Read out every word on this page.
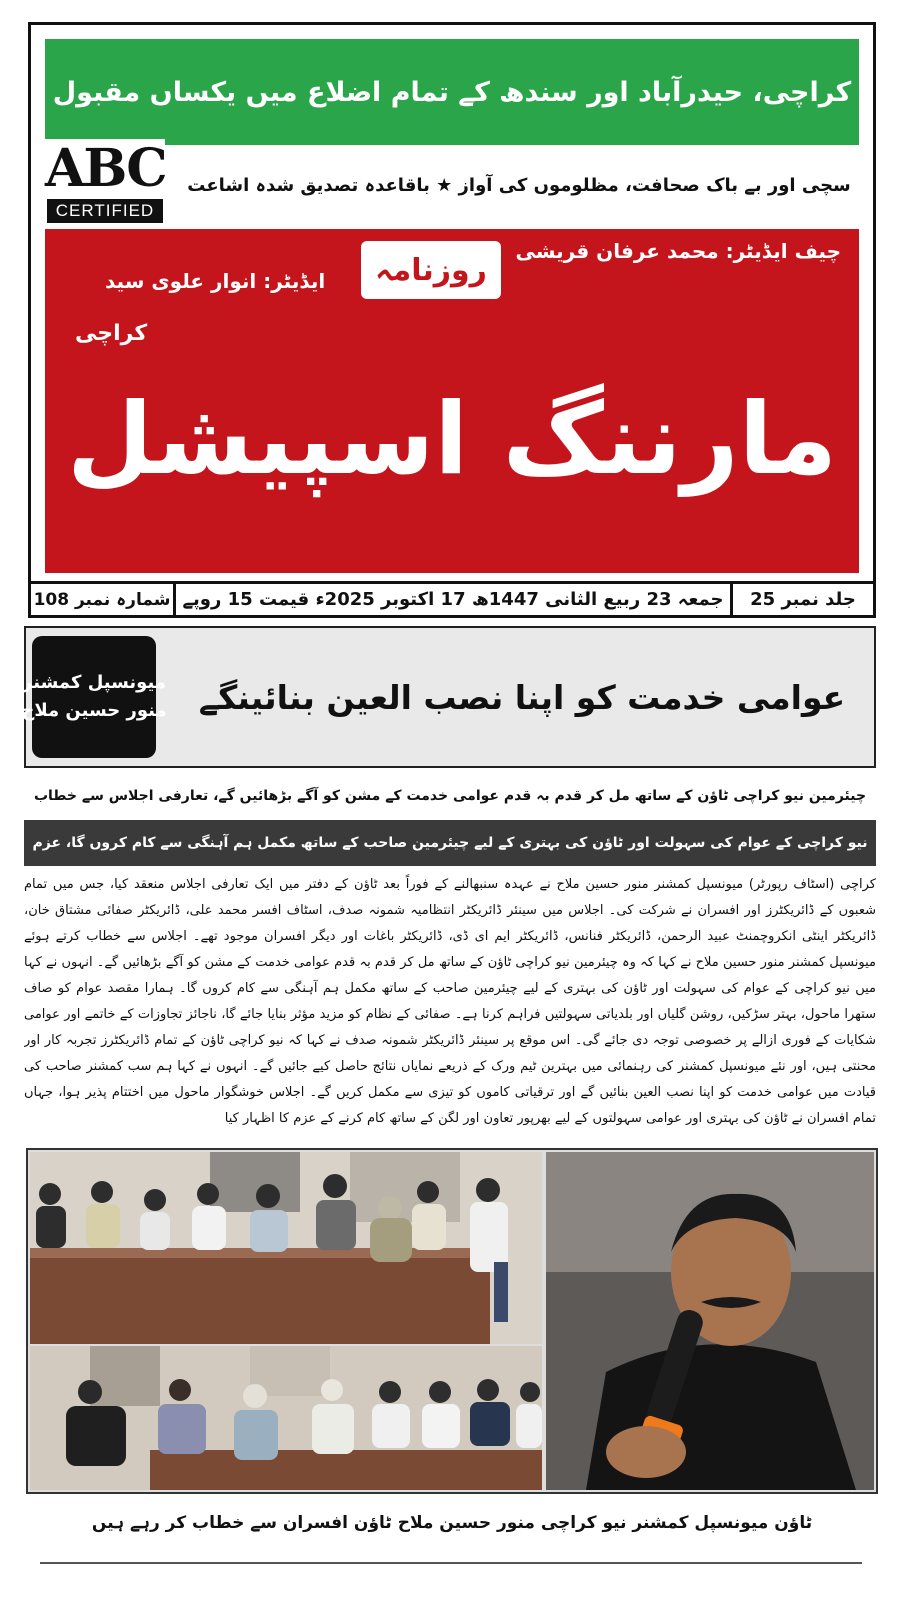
کراچی، حیدرآباد اور سندھ کے تمام اضلاع میں یکساں مقبول
ABC
CERTIFIED
سچی اور بے باک صحافت، مظلوموں کی آواز ★ باقاعدہ تصدیق شدہ اشاعت
چیف ایڈیٹر: محمد عرفان قریشی
روزنامہ
ایڈیٹر: انوار علوی سید
کراچی
مارننگ اسپیشل
جلد نمبر 25
جمعہ 23 ربیع الثانی 1447ھ 17 اکتوبر 2025ء قیمت 15 روپے
شمارہ نمبر 108
عوامی خدمت کو اپنا نصب العین بنائینگے
میونسپل کمشنر
منور حسین ملاح
چیئرمین نیو کراچی ٹاؤن کے ساتھ مل کر قدم بہ قدم عوامی خدمت کے مشن کو آگے بڑھائیں گے، تعارفی اجلاس سے خطاب
نیو کراچی کے عوام کی سہولت اور ٹاؤن کی بہتری کے لیے چیئرمین صاحب کے ساتھ مکمل ہم آہنگی سے کام کروں گا، عزم

کراچی (اسٹاف رپورٹر) میونسپل کمشنر منور حسین ملاح نے عہدہ سنبھالنے کے فوراً بعد ٹاؤن کے دفتر میں ایک تعارفی اجلاس منعقد کیا، جس میں تمام شعبوں کے ڈائریکٹرز اور افسران نے شرکت کی۔ اجلاس میں سینئر ڈائریکٹر انتظامیہ شمونہ صدف، اسٹاف افسر محمد علی، ڈائریکٹر صفائی مشتاق خان، ڈائریکٹر اینٹی انکروچمنٹ عبید الرحمن، ڈائریکٹر فنانس، ڈائریکٹر ایم ای ڈی، ڈائریکٹر باغات اور دیگر افسران موجود تھے۔ اجلاس سے خطاب کرتے ہوئے میونسپل کمشنر منور حسین ملاح نے کہا کہ وہ چیئرمین نیو کراچی ٹاؤن کے ساتھ مل کر قدم بہ قدم عوامی خدمت کے مشن کو آگے بڑھائیں گے۔ انہوں نے کہا میں نیو کراچی کے عوام کی سہولت اور ٹاؤن کی بہتری کے لیے چیئرمین صاحب کے ساتھ مکمل ہم آہنگی سے کام کروں گا۔ ہمارا مقصد عوام کو صاف ستھرا ماحول، بہتر سڑکیں، روشن گلیاں اور بلدیاتی سہولتیں فراہم کرنا ہے۔ صفائی کے نظام کو مزید مؤثر بنایا جائے گا، ناجائز تجاوزات کے خاتمے اور عوامی شکایات کے فوری ازالے پر خصوصی توجہ دی جائے گی۔ اس موقع پر سینئر ڈائریکٹر شمونہ صدف نے کہا کہ نیو کراچی ٹاؤن کے تمام ڈائریکٹرز تجربہ کار اور محنتی ہیں، اور نئے میونسپل کمشنر کی رہنمائی میں بہترین ٹیم ورک کے ذریعے نمایاں نتائج حاصل کیے جائیں گے۔ انہوں نے کہا ہم سب کمشنر صاحب کی قیادت میں عوامی خدمت کو اپنا نصب العین بنائیں گے اور ترقیاتی کاموں کو تیزی سے مکمل کریں گے۔ اجلاس خوشگوار ماحول میں اختتام پذیر ہوا، جہاں تمام افسران نے ٹاؤن کی بہتری اور عوامی سہولتوں کے لیے بھرپور تعاون اور لگن کے ساتھ کام کرنے کے عزم کا اظہار کیا

ٹاؤن میونسپل کمشنر نیو کراچی منور حسین ملاح ٹاؤن افسران سے خطاب کر رہے ہیں
